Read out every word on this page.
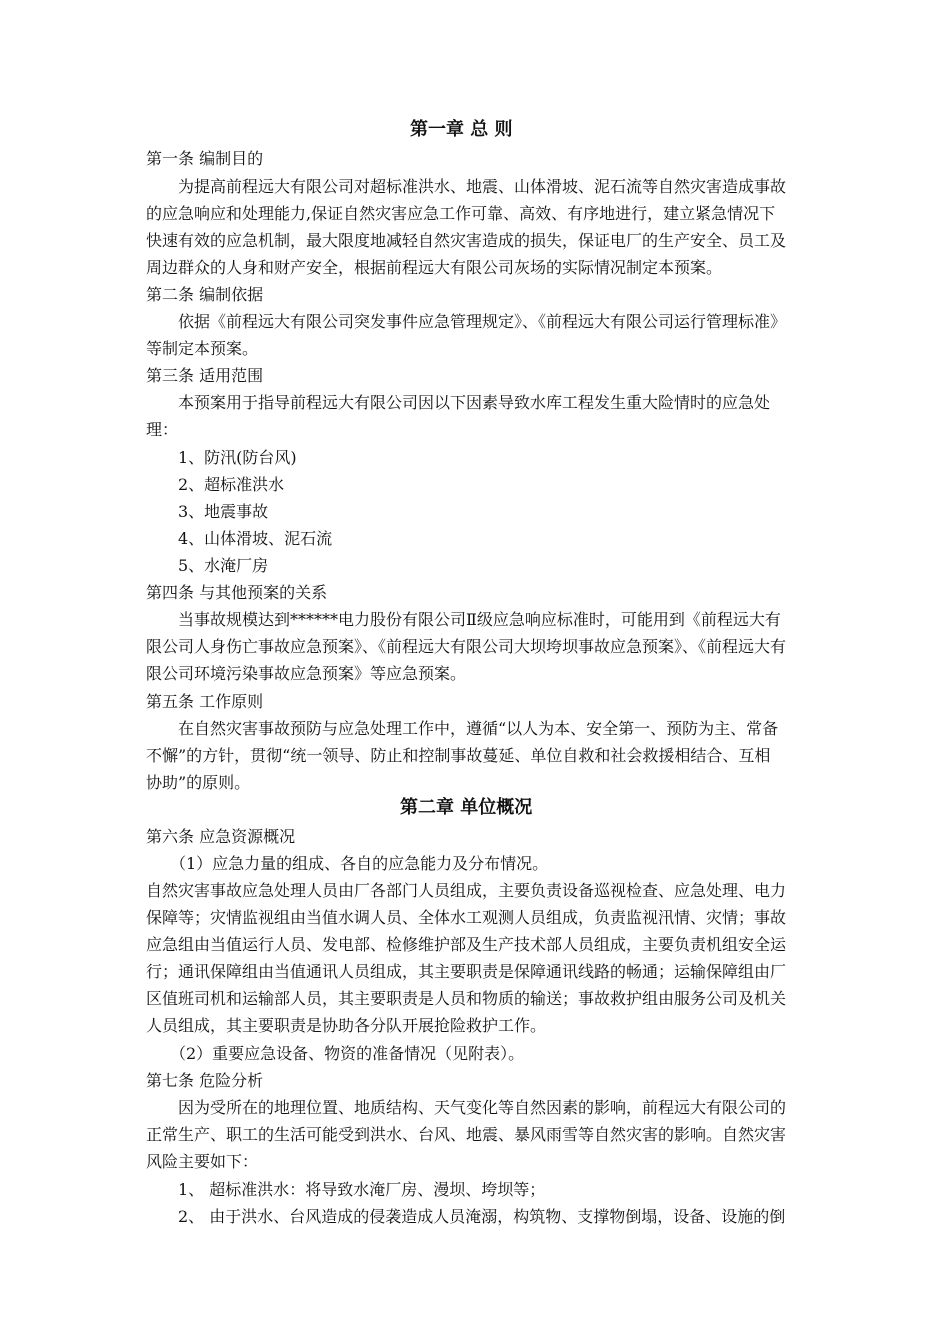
第一章 总 则
第一条 编制目的
为提高前程远大有限公司对超标准洪水、地震、山体滑坡、泥石流等自然灾害造成事故
的应急响应和处理能力,保证自然灾害应急工作可靠、高效、有序地进行，建立紧急情况下
快速有效的应急机制，最大限度地减轻自然灾害造成的损失，保证电厂的生产安全、员工及
周边群众的人身和财产安全，根据前程远大有限公司灰场的实际情况制定本预案。
第二条 编制依据
依据《前程远大有限公司突发事件应急管理规定》、《前程远大有限公司运行管理标准》
等制定本预案。
第三条 适用范围
本预案用于指导前程远大有限公司因以下因素导致水库工程发生重大险情时的应急处
理：
1、防汛(防台风)
2、超标准洪水
3、地震事故
4、山体滑坡、泥石流
5、水淹厂房
第四条 与其他预案的关系
当事故规模达到******电力股份有限公司Ⅱ级应急响应标准时，可能用到《前程远大有
限公司人身伤亡事故应急预案》、《前程远大有限公司大坝垮坝事故应急预案》、《前程远大有
限公司环境污染事故应急预案》等应急预案。
第五条 工作原则
在自然灾害事故预防与应急处理工作中，遵循“以人为本、安全第一、预防为主、常备
不懈”的方针，贯彻“统一领导、防止和控制事故蔓延、单位自救和社会救援相结合、互相
协助”的原则。
第二章 单位概况
第六条 应急资源概况
（1）应急力量的组成、各自的应急能力及分布情况。
自然灾害事故应急处理人员由厂各部门人员组成，主要负责设备巡视检查、应急处理、电力
保障等；灾情监视组由当值水调人员、全体水工观测人员组成，负责监视汛情、灾情；事故
应急组由当值运行人员、发电部、检修维护部及生产技术部人员组成，主要负责机组安全运
行；通讯保障组由当值通讯人员组成，其主要职责是保障通讯线路的畅通；运输保障组由厂
区值班司机和运输部人员，其主要职责是人员和物质的输送；事故救护组由服务公司及机关
人员组成，其主要职责是协助各分队开展抢险救护工作。
（2）重要应急设备、物资的准备情况（见附表）。
第七条 危险分析
因为受所在的地理位置、地质结构、天气变化等自然因素的影响，前程远大有限公司的
正常生产、职工的生活可能受到洪水、台风、地震、暴风雨雪等自然灾害的影响。自然灾害
风险主要如下：
1、 超标准洪水：将导致水淹厂房、漫坝、垮坝等；
2、 由于洪水、台风造成的侵袭造成人员淹溺，构筑物、支撑物倒塌，设备、设施的倒
